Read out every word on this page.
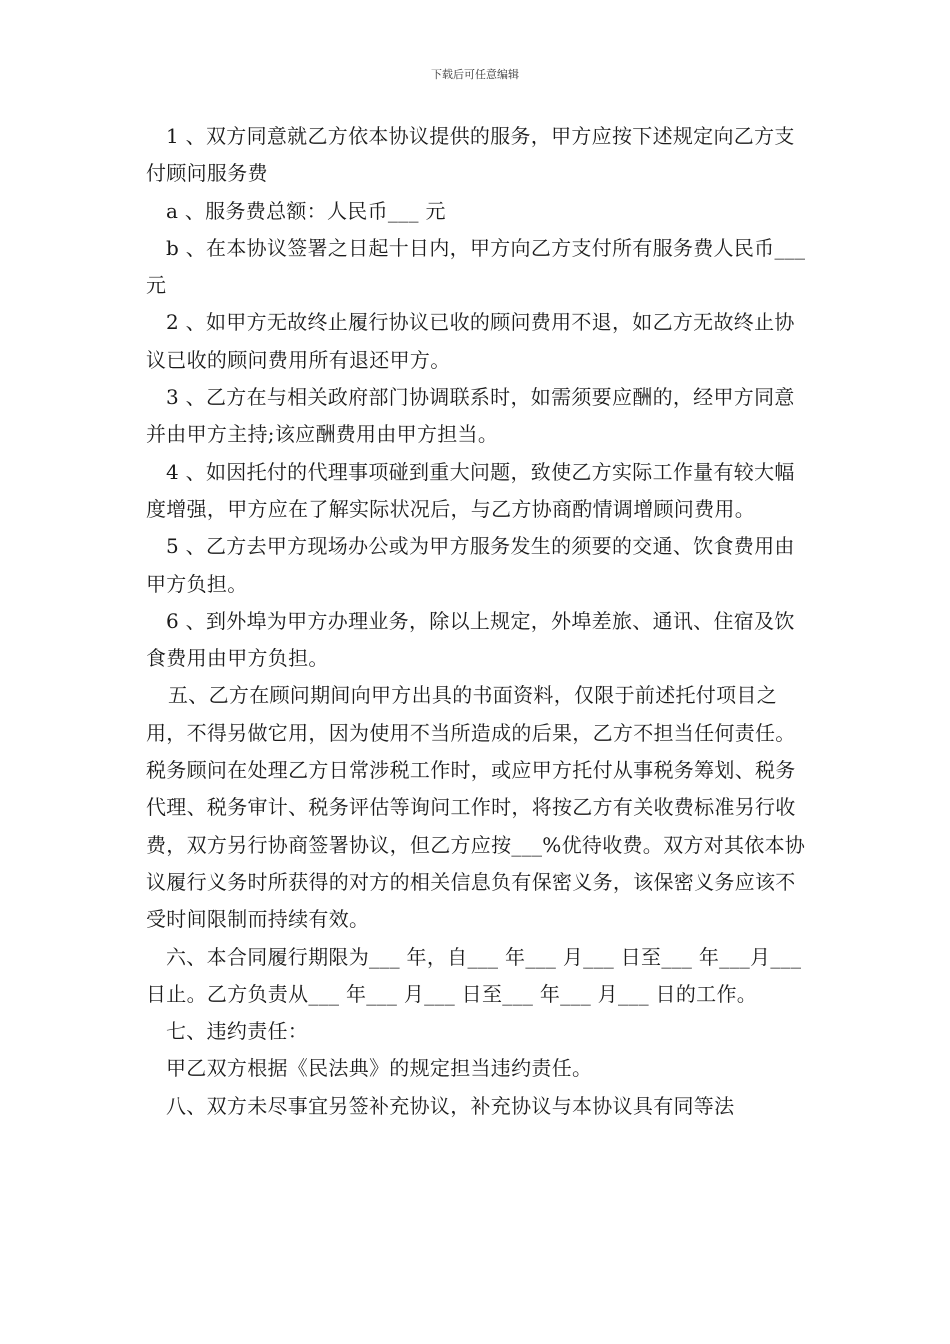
下载后可任意编辑

1 、双方同意就乙方依本协议提供的服务，甲方应按下述规定向乙方支付顾问服务费

a 、服务费总额：人民币___ 元

b 、在本协议签署之日起十日内，甲方向乙方支付所有服务费人民币___ 元

2 、如甲方无故终止履行协议已收的顾问费用不退，如乙方无故终止协议已收的顾问费用所有退还甲方。

3 、乙方在与相关政府部门协调联系时，如需须要应酬的，经甲方同意并由甲方主持;该应酬费用由甲方担当。

4 、如因托付的代理事项碰到重大问题，致使乙方实际工作量有较大幅度增强，甲方应在了解实际状况后，与乙方协商酌情调增顾问费用。

5 、乙方去甲方现场办公或为甲方服务发生的须要的交通、饮食费用由甲方负担。

6 、到外埠为甲方办理业务，除以上规定，外埠差旅、通讯、住宿及饮食费用由甲方负担。

五、乙方在顾问期间向甲方出具的书面资料，仅限于前述托付项目之用，不得另做它用，因为使用不当所造成的后果，乙方不担当任何责任。税务顾问在处理乙方日常涉税工作时，或应甲方托付从事税务筹划、税务代理、税务审计、税务评估等询问工作时，将按乙方有关收费标准另行收费，双方另行协商签署协议，但乙方应按___%优待收费。双方对其依本协议履行义务时所获得的对方的相关信息负有保密义务，该保密义务应该不受时间限制而持续有效。

六、本合同履行期限为___ 年，自___ 年___ 月___ 日至___ 年___月___ 日止。乙方负责从___ 年___ 月___ 日至___ 年___ 月___ 日的工作。

七、违约责任：

甲乙双方根据《民法典》的规定担当违约责任。

八、双方未尽事宜另签补充协议，补充协议与本协议具有同等法
